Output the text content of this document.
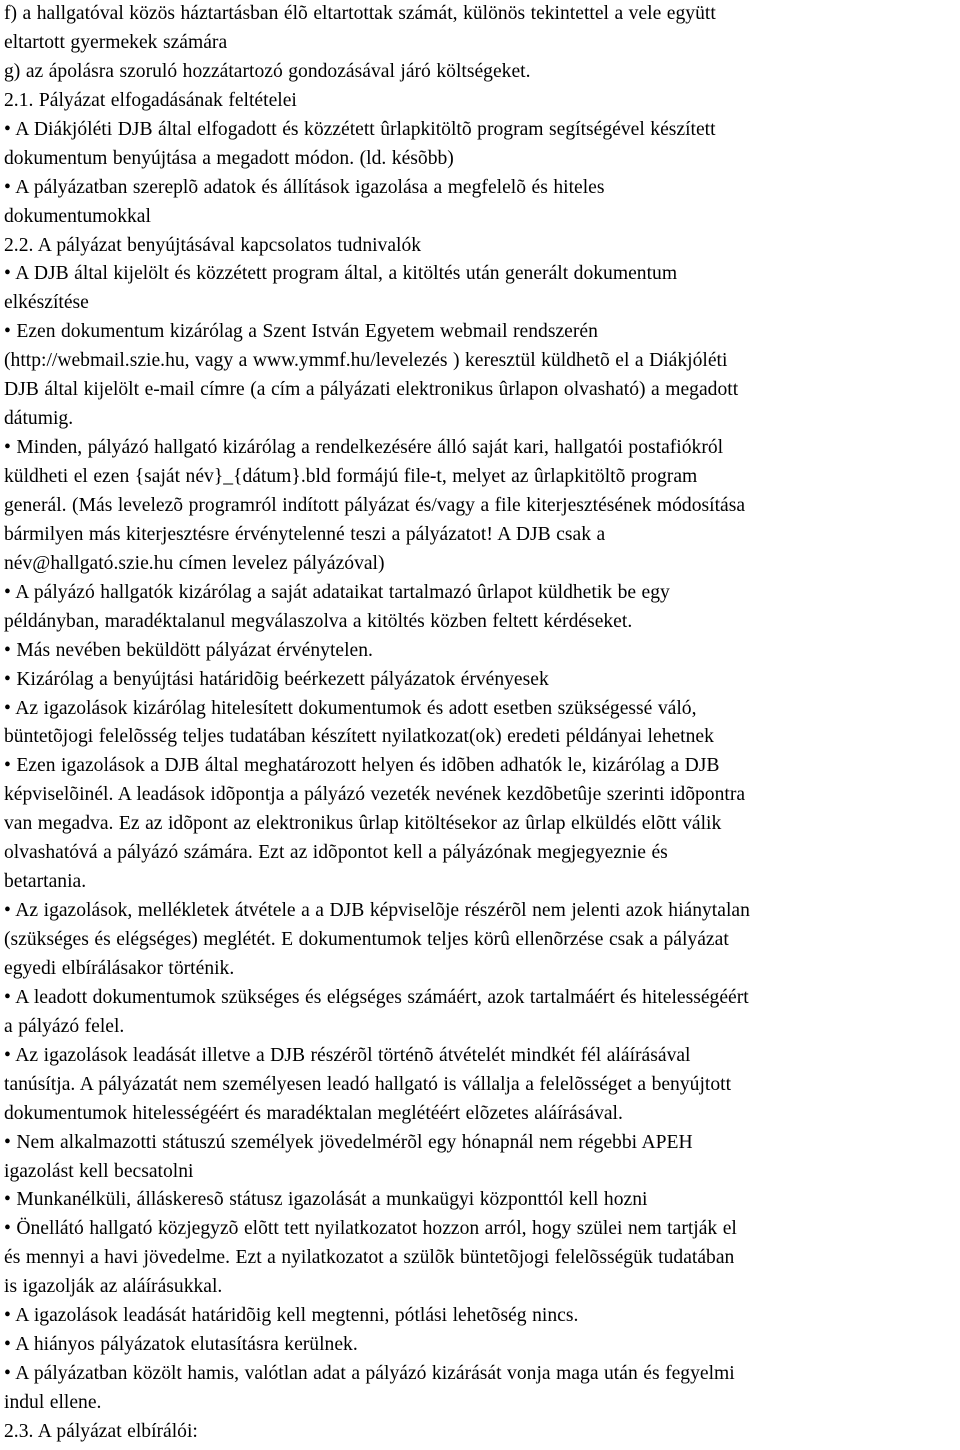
f) a hallgatóval közös háztartásban élõ eltartottak számát, különös tekintettel a vele együtt
eltartott gyermekek számára
g) az ápolásra szoruló hozzátartozó gondozásával járó költségeket.
2.1. Pályázat elfogadásának feltételei
• A Diákjóléti DJB által elfogadott és közzétett ûrlapkitöltõ program segítségével készített
dokumentum benyújtása a megadott módon. (ld. késõbb)
• A pályázatban szereplõ adatok és állítások igazolása a megfelelõ és hiteles
dokumentumokkal
2.2. A pályázat benyújtásával kapcsolatos tudnivalók
• A DJB által kijelölt és közzétett program által, a kitöltés után generált dokumentum
elkészítése
• Ezen dokumentum kizárólag a Szent István Egyetem webmail rendszerén
(http://webmail.szie.hu, vagy a www.ymmf.hu/levelezés ) keresztül küldhetõ el a Diákjóléti
DJB által kijelölt e-mail címre (a cím a pályázati elektronikus ûrlapon olvasható) a megadott
dátumig.
• Minden, pályázó hallgató kizárólag a rendelkezésére álló saját kari, hallgatói postafiókról
küldheti el ezen {saját név}_{dátum}.bld formájú file-t, melyet az ûrlapkitöltõ program
generál. (Más levelezõ programról indított pályázat és/vagy a file kiterjesztésének módosítása
bármilyen más kiterjesztésre érvénytelenné teszi a pályázatot! A DJB csak a
név@hallgató.szie.hu címen levelez pályázóval)
• A pályázó hallgatók kizárólag a saját adataikat tartalmazó ûrlapot küldhetik be egy
példányban, maradéktalanul megválaszolva a kitöltés közben feltett kérdéseket.
• Más nevében beküldött pályázat érvénytelen.
• Kizárólag a benyújtási határidõig beérkezett pályázatok érvényesek
• Az igazolások kizárólag hitelesített dokumentumok és adott esetben szükségessé váló,
büntetõjogi felelõsség teljes tudatában készített nyilatkozat(ok) eredeti példányai lehetnek
• Ezen igazolások a DJB által meghatározott helyen és idõben adhatók le, kizárólag a DJB
képviselõinél. A leadások idõpontja a pályázó vezeték nevének kezdõbetûje szerinti idõpontra
van megadva. Ez az idõpont az elektronikus ûrlap kitöltésekor az ûrlap elküldés elõtt válik
olvashatóvá a pályázó számára. Ezt az idõpontot kell a pályázónak megjegyeznie és
betartania.
• Az igazolások, mellékletek átvétele a a DJB képviselõje részérõl nem jelenti azok hiánytalan
(szükséges és elégséges) meglétét. E dokumentumok teljes körû ellenõrzése csak a pályázat
egyedi elbírálásakor történik.
• A leadott dokumentumok szükséges és elégséges számáért, azok tartalmáért és hitelességéért
a pályázó felel.
• Az igazolások leadását illetve a DJB részérõl történõ átvételét mindkét fél aláírásával
tanúsítja. A pályázatát nem személyesen leadó hallgató is vállalja a felelõsséget a benyújtott
dokumentumok hitelességéért és maradéktalan meglétéért elõzetes aláírásával.
• Nem alkalmazotti státuszú személyek jövedelmérõl egy hónapnál nem régebbi APEH
igazolást kell becsatolni
• Munkanélküli, álláskeresõ státusz igazolását a munkaügyi központtól kell hozni
• Önellátó hallgató közjegyzõ elõtt tett nyilatkozatot hozzon arról, hogy szülei nem tartják el
és mennyi a havi jövedelme. Ezt a nyilatkozatot a szülõk büntetõjogi felelõsségük tudatában
is igazolják az aláírásukkal.
• A igazolások leadását határidõig kell megtenni, pótlási lehetõség nincs.
• A hiányos pályázatok elutasításra kerülnek.
• A pályázatban közölt hamis, valótlan adat a pályázó kizárását vonja maga után és fegyelmi
indul ellene.
2.3. A pályázat elbírálói:
